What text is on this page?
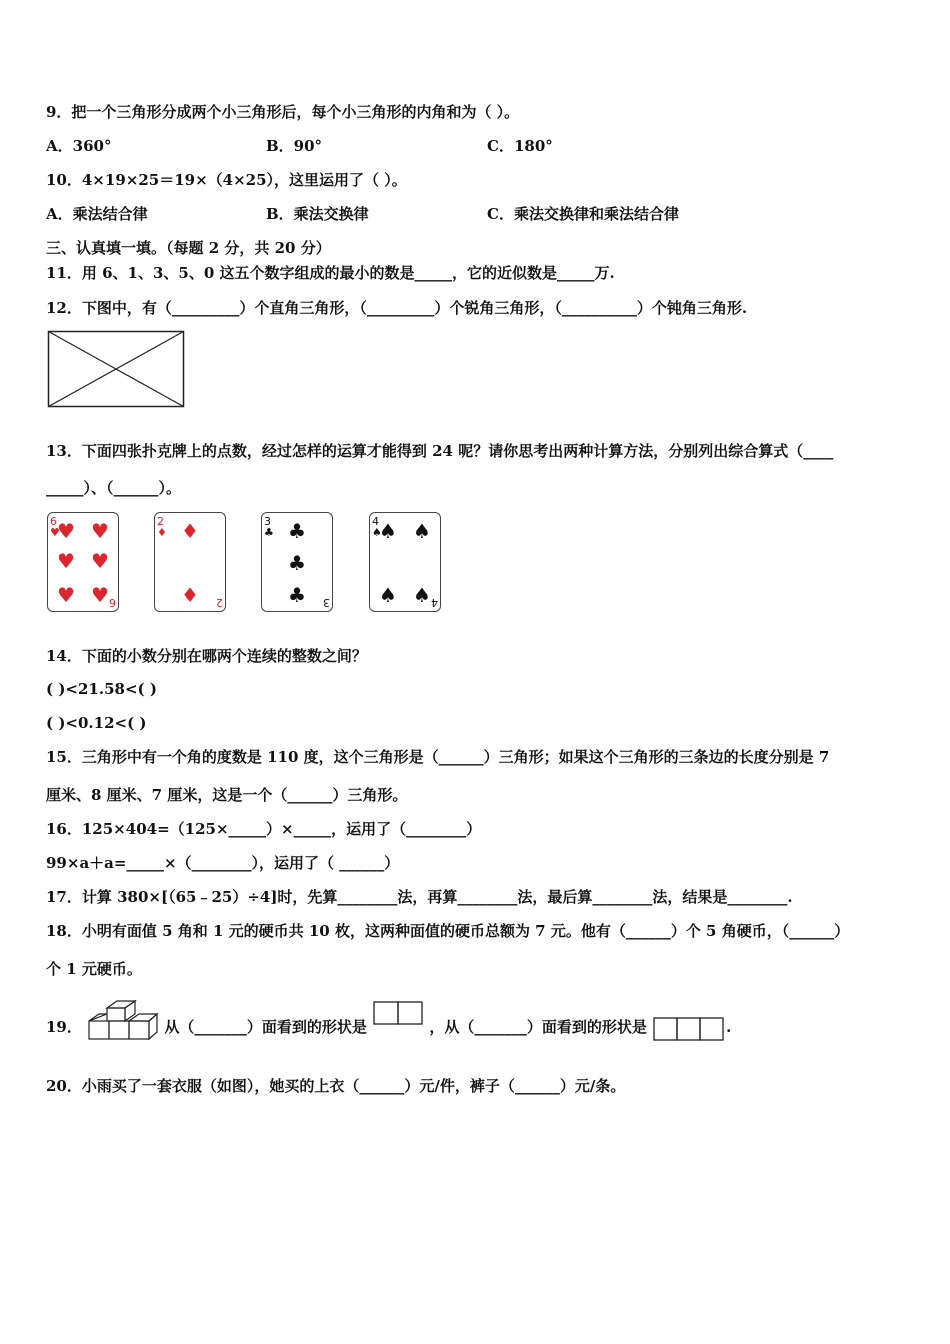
9．把一个三角形分成两个小三角形后，每个小三角形的内角和为（ ）。
A．360°	B．90°	C．180°
10．4×19×25＝19×（4×25），这里运用了（ ）。
A．乘法结合律	B．乘法交换律	C．乘法交换律和乘法结合律
三、认真填一填。（每题 2 分，共 20 分）
11．用 6、1、3、5、0 这五个数字组成的最小的数是_____，它的近似数是_____万.
12．下图中，有（_________）个直角三角形，（_________）个锐角三角形，（__________）个钝角三角形.
13．下面四张扑克牌上的点数，经过怎样的运算才能得到 24 呢？请你思考出两种计算方法，分别列出综合算式（____
_____）、（______）。
6
♥
♥ ♥
♥ ♥
♥ ♥ 6
2
♦ ♦
♦ 2
3
♣ ♣
♣
♣ 3
4
♠
♠ ♠
♠ ♠ 4
14．下面的小数分别在哪两个连续的整数之间？
( )<21.58<( )
( )<0.12<( )
15．三角形中有一个角的度数是 110 度，这个三角形是（______）三角形；如果这个三角形的三条边的长度分别是 7
厘米、8 厘米、7 厘米，这是一个（______）三角形。
16．125×404=（125×_____）×_____，运用了（________）
99×a＋a=_____×（________），运用了（ ______）
17．计算 380×[（65﹣25）÷4]时，先算________法，再算________法，最后算________法，结果是________.
18．小明有面值 5 角和 1 元的硬币共 10 枚，这两种面值的硬币总额为 7 元。他有（______）个 5 角硬币，（______）
个 1 元硬币。
19．	从（_______）面看到的形状是	，从（_______）面看到的形状是	.
20．小雨买了一套衣服（如图），她买的上衣（______）元/件，裤子（______）元/条。
